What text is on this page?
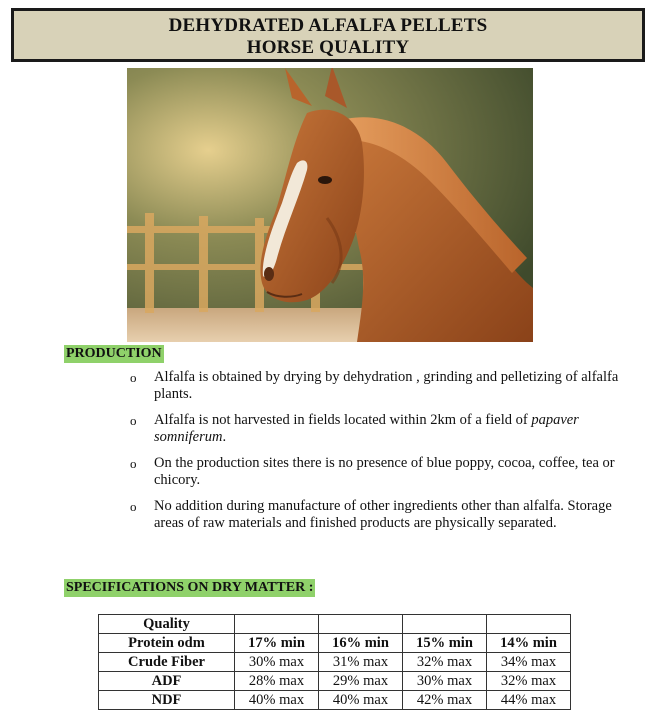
DEHYDRATED ALFALFA PELLETS
HORSE QUALITY
PRODUCTION
o Alfalfa is obtained by drying by dehydration , grinding and pelletizing of alfalfa plants.
o Alfalfa is not harvested in fields located within 2km of a field of papaver somniferum.
o On the production sites there is no presence of blue poppy, cocoa, coffee, tea or chicory.
o No addition during manufacture of other ingredients other than alfalfa. Storage areas of raw materials and finished products are physically separated.
SPECIFICATIONS ON DRY MATTER :
Quality				
Protein odm	17% min	16% min	15% min	14% min
Crude Fiber	30% max	31% max	32% max	34% max
ADF	28% max	29% max	30% max	32% max
NDF	40% max	40% max	42% max	44% max
